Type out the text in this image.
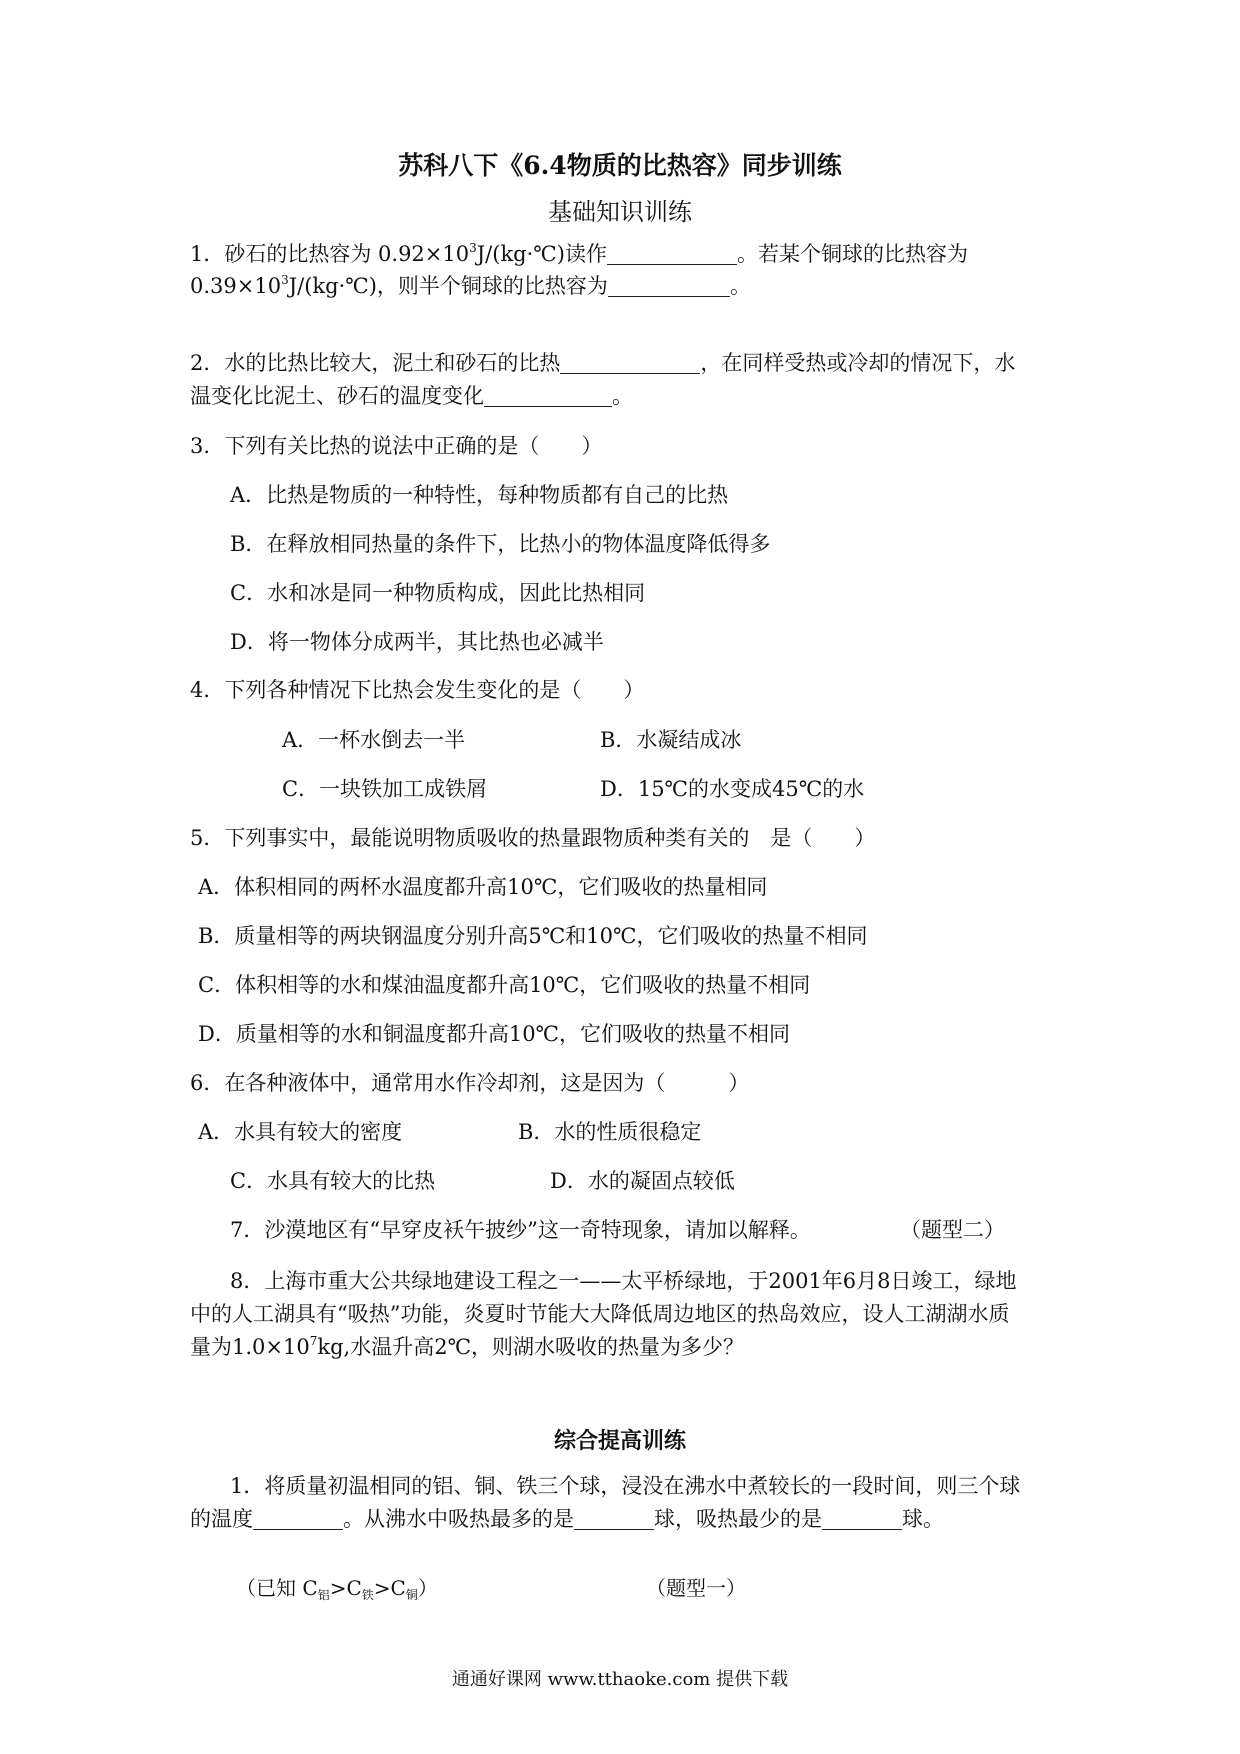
苏科八下《6.4物质的比热容》同步训练
基础知识训练
1．砂石的比热容为 $0.92\times 10^3J/(kg\cdot℃)$读作	。若某个铜球的比热容为
$0.39\times 10^3J/(kg\cdot℃)$，则半个铜球的比热容为	。
2．水的比热比较大，泥土和砂石的比热	，在同样受热或冷却的情况下，水
温变化比泥土、砂石的温度变化	。
3．下列有关比热的说法中正确的是（　　）
A．比热是物质的一种特性，每种物质都有自己的比热
B．在释放相同热量的条件下，比热小的物体温度降低得多
C．水和冰是同一种物质构成，因此比热相同
D．将一物体分成两半，其比热也必减半
4．下列各种情况下比热会发生变化的是（　　）
A．一杯水倒去一半	B．水凝结成冰
C．一块铁加工成铁屑	D．15℃的水变成45℃的水
5．下列事实中，最能说明物质吸收的热量跟物质种类有关的　是（　　）
A．体积相同的两杯水温度都升高10℃，它们吸收的热量相同
B．质量相等的两块钢温度分别升高5℃和10℃，它们吸收的热量不相同
C．体积相等的水和煤油温度都升高10℃，它们吸收的热量不相同
D．质量相等的水和铜温度都升高10℃，它们吸收的热量不相同
6．在各种液体中，通常用水作冷却剂，这是因为（　　　）
A．水具有较大的密度	B．水的性质很稳定
C．水具有较大的比热	D．水的凝固点较低
7．沙漠地区有“早穿皮袄午披纱”这一奇特现象，请加以解释。	（题型二）
8．上海市重大公共绿地建设工程之一——太平桥绿地，于2001年6月8日竣工，绿地
中的人工湖具有“吸热”功能，炎夏时节能大大降低周边地区的热岛效应，设人工湖湖水质
量为$1.0\times 10^7kg$,水温升高2℃，则湖水吸收的热量为多少？
综合提高训练
1．将质量初温相同的铝、铜、铁三个球，浸没在沸水中煮较长的一段时间，则三个球
的温度	。从沸水中吸热最多的是	球，吸热最少的是	球。
（已知 $C_铝>C_铁>C_铜$）	（题型一）
通通好课网 www.tthaoke.com 提供下载
